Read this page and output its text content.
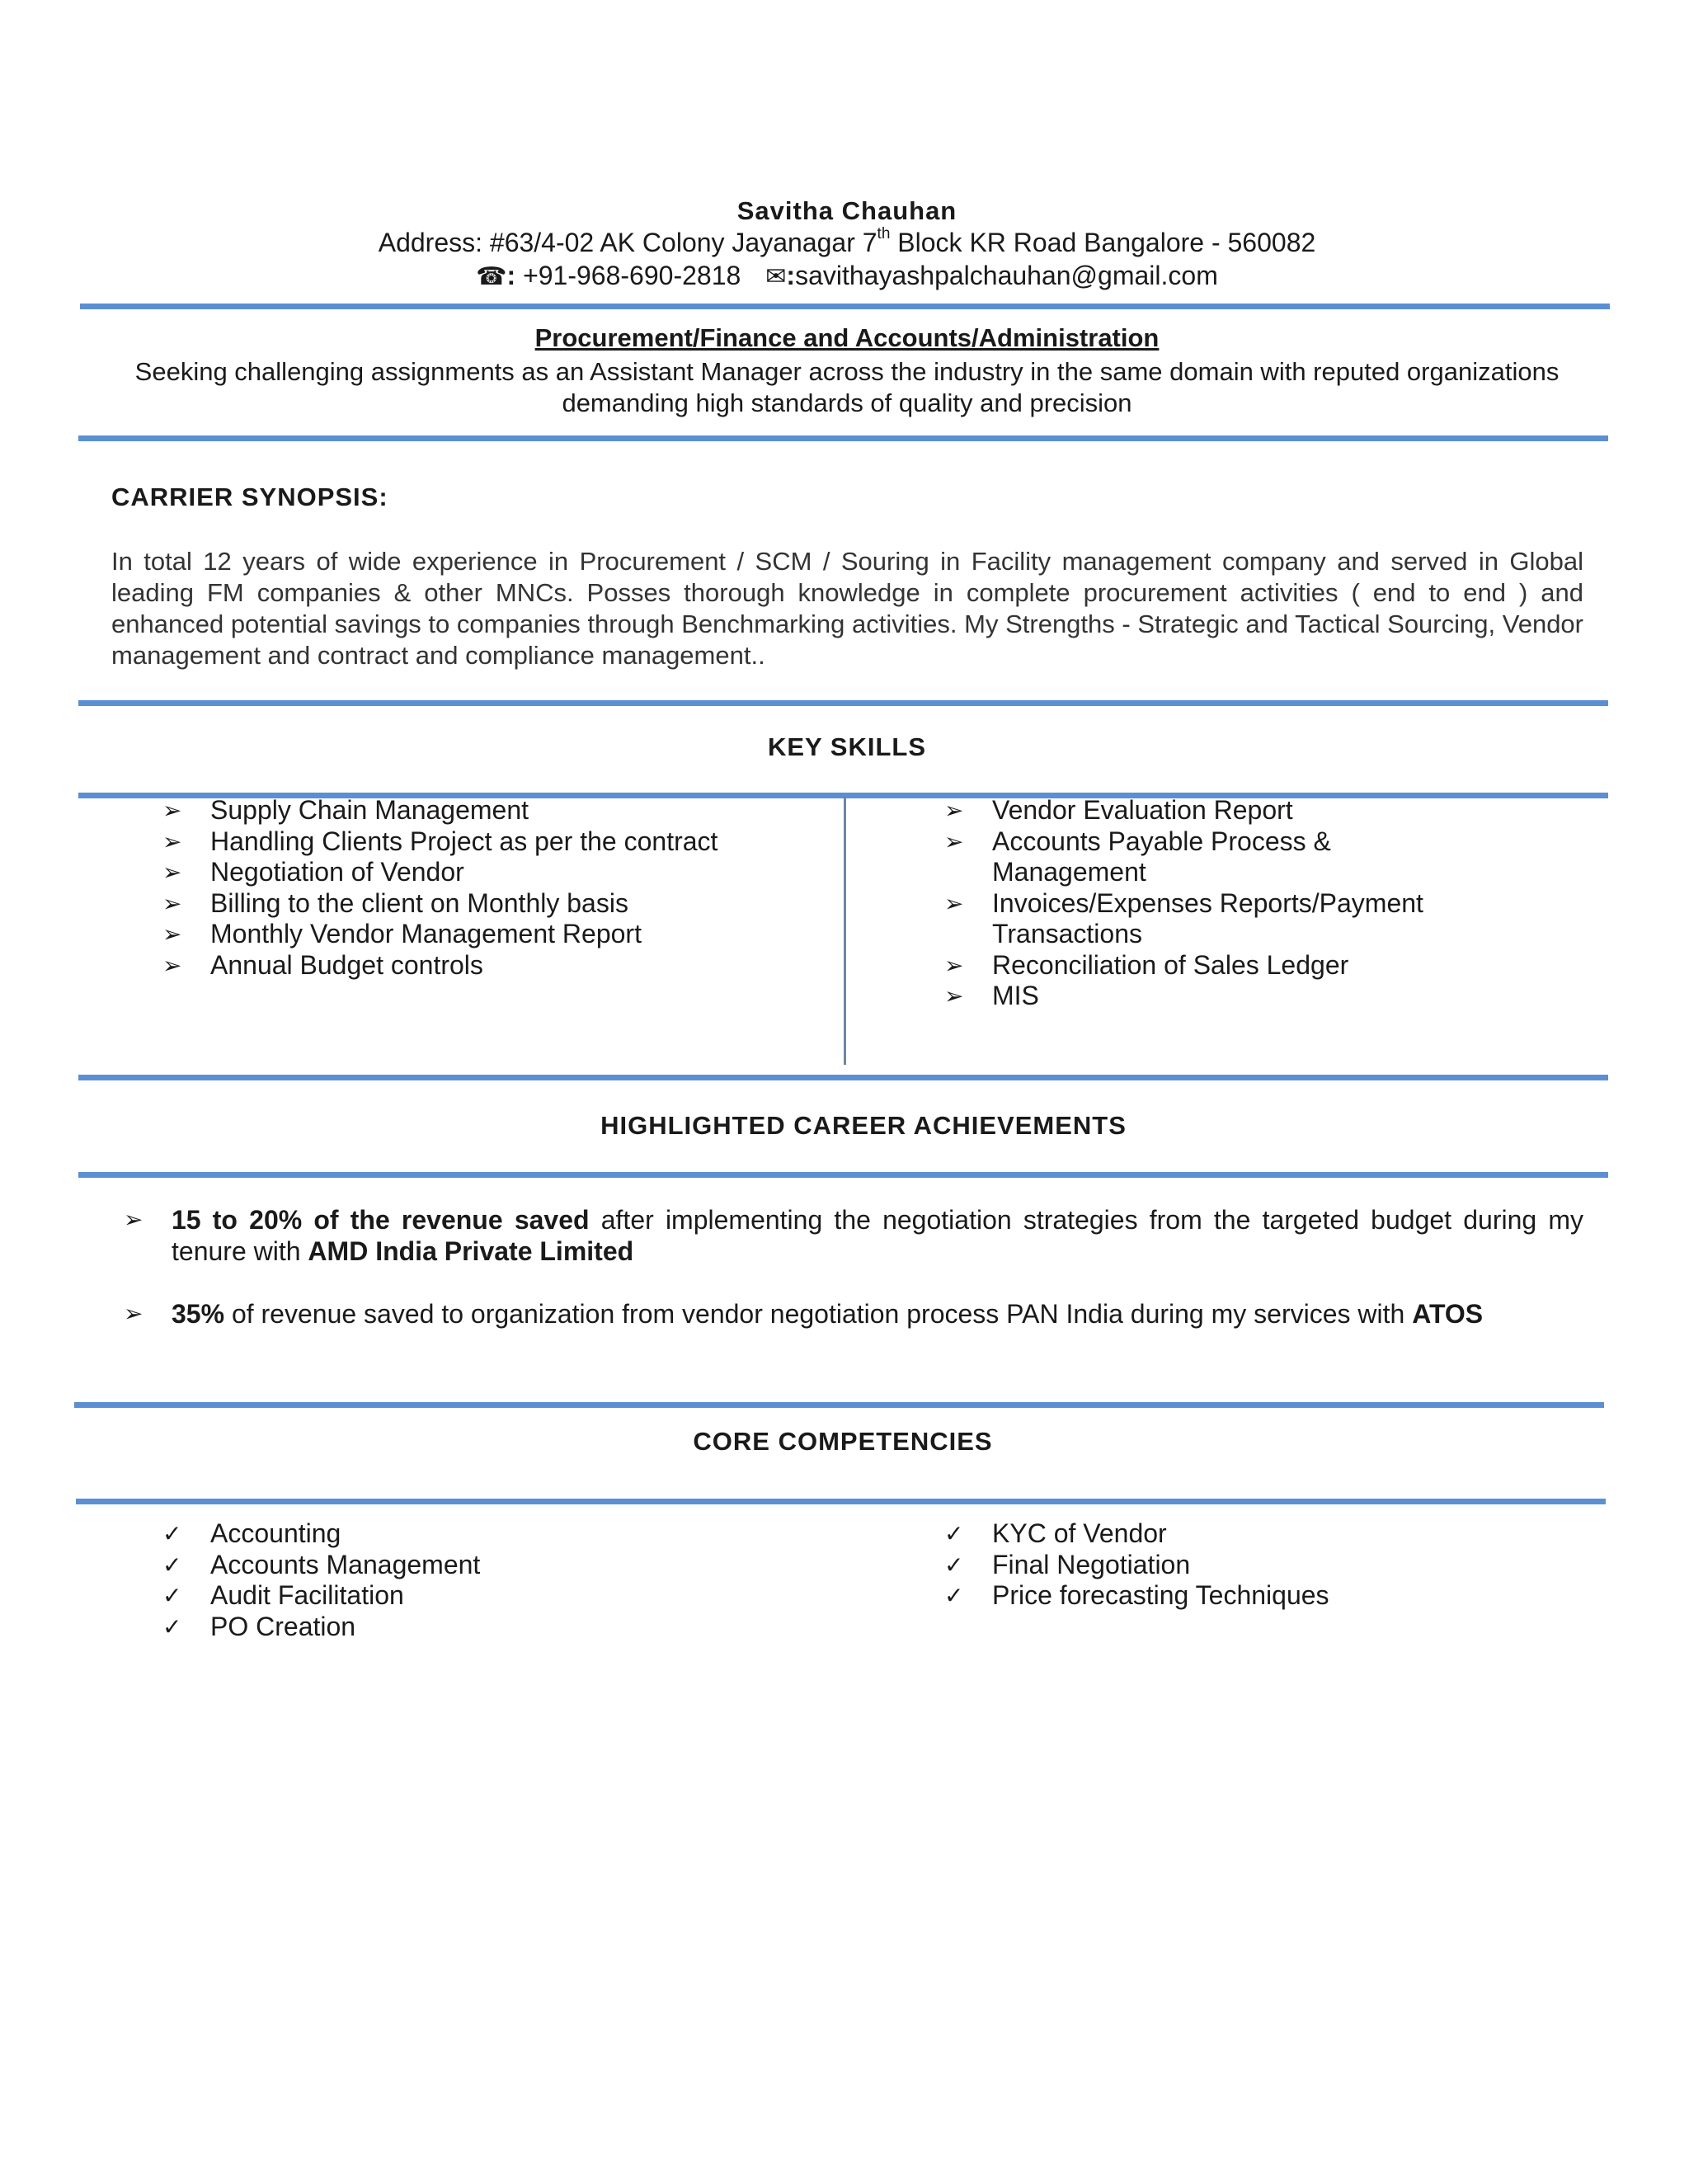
Savitha Chauhan
Address: #63/4-02 AK Colony Jayanagar 7th Block KR Road Bangalore - 560082
☎: +91-968-690-2818 ✉:savithayashpalchauhan@gmail.com
Procurement/Finance and Accounts/Administration
Seeking challenging assignments as an Assistant Manager across the industry in the same domain with reputed organizations demanding high standards of quality and precision
CARRIER SYNOPSIS:
In total 12 years of wide experience in Procurement / SCM / Souring in Facility management company and served in Global leading FM companies & other MNCs. Posses thorough knowledge in complete procurement activities ( end to end ) and enhanced potential savings to companies through Benchmarking activities. My Strengths - Strategic and Tactical Sourcing, Vendor management and contract and compliance management..
KEY SKILLS
➢ Supply Chain Management
➢ Handling Clients Project as per the contract
➢ Negotiation of Vendor
➢ Billing to the client on Monthly basis
➢ Monthly Vendor Management Report
➢ Annual Budget controls
➢ Vendor Evaluation Report
➢ Accounts Payable Process & Management
➢ Invoices/Expenses Reports/Payment Transactions
➢ Reconciliation of Sales Ledger
➢ MIS
HIGHLIGHTED CAREER ACHIEVEMENTS
➢ 15 to 20% of the revenue saved after implementing the negotiation strategies from the targeted budget during my tenure with AMD India Private Limited
➢ 35% of revenue saved to organization from vendor negotiation process PAN India during my services with ATOS
CORE COMPETENCIES
✓ Accounting
✓ Accounts Management
✓ Audit Facilitation
✓ PO Creation
✓ KYC of Vendor
✓ Final Negotiation
✓ Price forecasting Techniques
